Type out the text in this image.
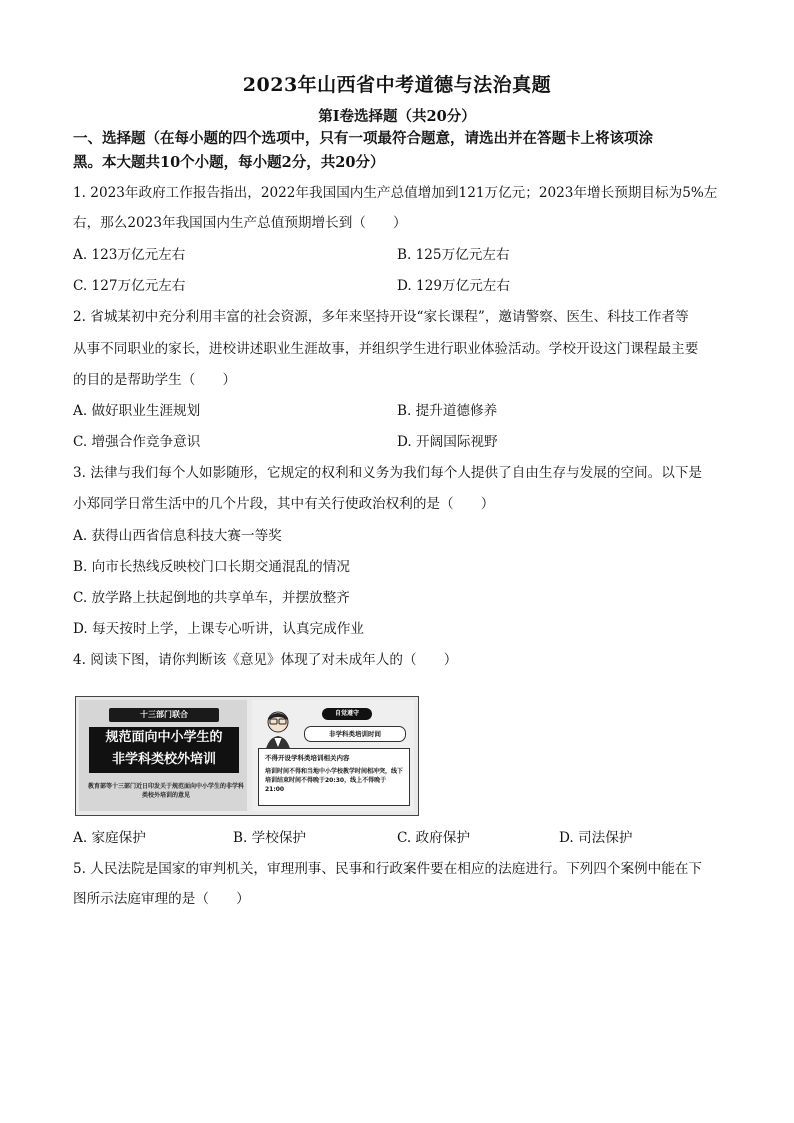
2023年山西省中考道德与法治真题
第Ⅰ卷选择题（共20分）
一、选择题（在每小题的四个选项中，只有一项最符合题意，请选出并在答题卡上将该项涂
黑。本大题共10个小题，每小题2分，共20分）
1. 2023年政府工作报告指出，2022年我国国内生产总值增加到121万亿元；2023年增长预期目标为5%左
右，那么2023年我国国内生产总值预期增长到（　　）
A. 123万亿元左右	B. 125万亿元左右
C. 127万亿元左右	D. 129万亿元左右
2. 省城某初中充分利用丰富的社会资源，多年来坚持开设“家长课程”，邀请警察、医生、科技工作者等
从事不同职业的家长，进校讲述职业生涯故事，并组织学生进行职业体验活动。学校开设这门课程最主要
的目的是帮助学生（　　）
A. 做好职业生涯规划	B. 提升道德修养
C. 增强合作竞争意识	D. 开阔国际视野
3. 法律与我们每个人如影随形，它规定的权利和义务为我们每个人提供了自由生存与发展的空间。以下是
小郑同学日常生活中的几个片段，其中有关行使政治权利的是（　　）
A. 获得山西省信息科技大赛一等奖
B. 向市长热线反映校门口长期交通混乱的情况
C. 放学路上扶起倒地的共享单车，并摆放整齐
D. 每天按时上学，上课专心听讲，认真完成作业
4. 阅读下图，请你判断该《意见》体现了对未成年人的（　　）
十三部门联合
规范面向中小学生的
非学科类校外培训
教育部等十三部门近日印发关于规范面向中小学生的非学科类校外培训的意见
自觉遵守
非学科类培训时间
不得开设学科类培训相关内容
培训时间不得和当地中小学校教学时间相冲突，线下培训结束时间不得晚于20:30，线上不得晚于21:00
A. 家庭保护	B. 学校保护	C. 政府保护	D. 司法保护
5. 人民法院是国家的审判机关，审理刑事、民事和行政案件要在相应的法庭进行。下列四个案例中能在下
图所示法庭审理的是（　　）
